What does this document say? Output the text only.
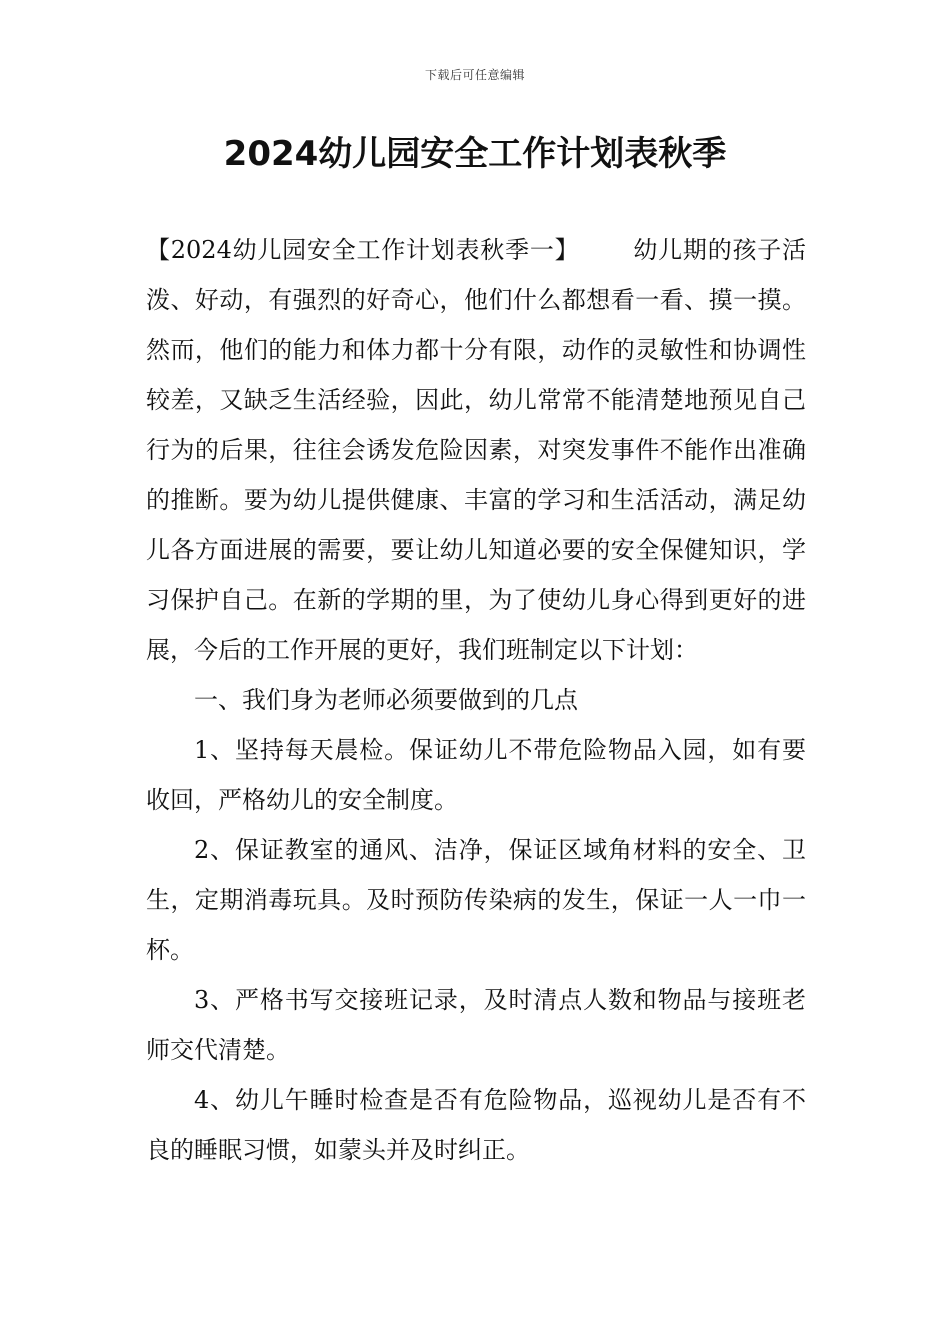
下载后可任意编辑
2024幼儿园安全工作计划表秋季

【2024幼儿园安全工作计划表秋季一】 幼儿期的孩子活泼、好动，有强烈的好奇心，他们什么都想看一看、摸一摸。然而，他们的能力和体力都十分有限，动作的灵敏性和协调性较差，又缺乏生活经验，因此，幼儿常常不能清楚地预见自己行为的后果，往往会诱发危险因素，对突发事件不能作出准确的推断。要为幼儿提供健康、丰富的学习和生活活动，满足幼儿各方面进展的需要，要让幼儿知道必要的安全保健知识，学习保护自己。在新的学期的里，为了使幼儿身心得到更好的进展，今后的工作开展的更好，我们班制定以下计划：

一、我们身为老师必须要做到的几点

1、坚持每天晨检。保证幼儿不带危险物品入园，如有要收回，严格幼儿的安全制度。

2、保证教室的通风、洁净，保证区域角材料的安全、卫生，定期消毒玩具。及时预防传染病的发生，保证一人一巾一杯。

3、严格书写交接班记录，及时清点人数和物品与接班老师交代清楚。

4、幼儿午睡时检查是否有危险物品，巡视幼儿是否有不良的睡眠习惯，如蒙头并及时纠正。
